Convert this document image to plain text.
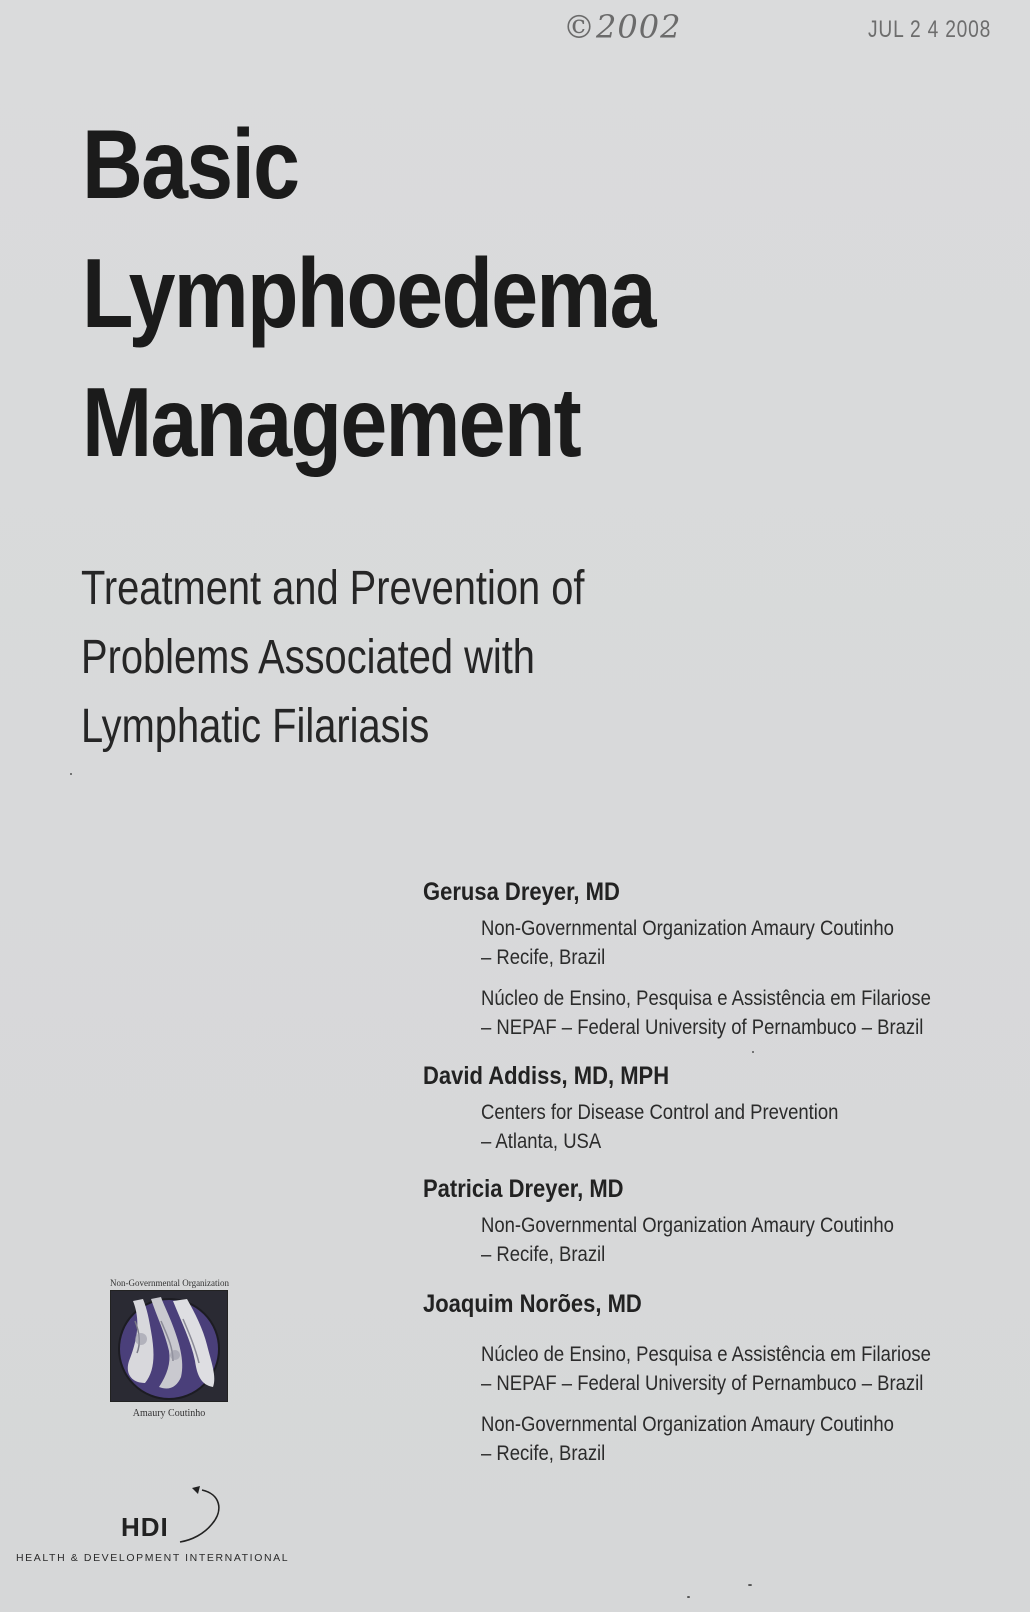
©2002	JUL 2 4 2008
Basic
Lymphoedema
Management
Treatment and Prevention of
Problems Associated with
Lymphatic Filariasis
Gerusa Dreyer, MD
Non-Governmental Organization Amaury Coutinho
– Recife, Brazil
Núcleo de Ensino, Pesquisa e Assistência em Filariose
– NEPAF – Federal University of Pernambuco – Brazil
David Addiss, MD, MPH
Centers for Disease Control and Prevention
– Atlanta, USA
Patricia Dreyer, MD
Non-Governmental Organization Amaury Coutinho
– Recife, Brazil
Joaquim Norões, MD
Núcleo de Ensino, Pesquisa e Assistência em Filariose
– NEPAF – Federal University of Pernambuco – Brazil
Non-Governmental Organization Amaury Coutinho
– Recife, Brazil
Non-Governmental Organization
Amaury Coutinho
HDI
HEALTH & DEVELOPMENT INTERNATIONAL
